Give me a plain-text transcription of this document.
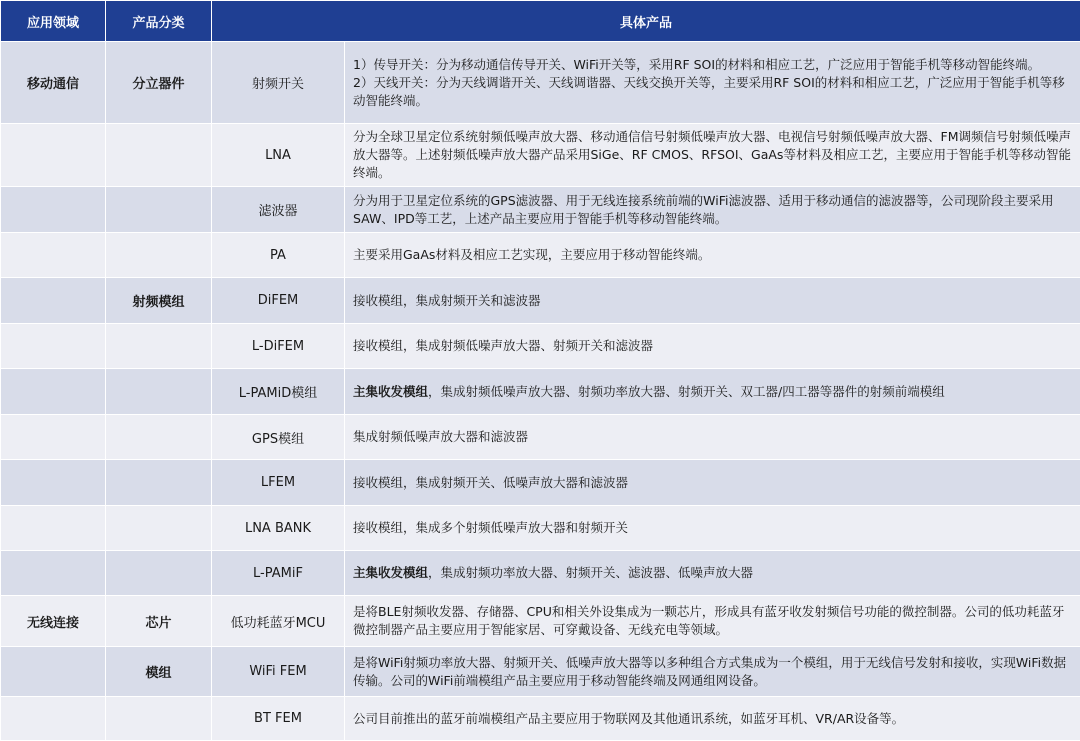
应用领域	产品分类	具体产品	
移动通信	分立器件	射频开关	1）传导开关：分为移动通信传导开关、WiFi开关等，采用RF SOI的材料和相应工艺，广泛应用于智能手机等移动智能终端。
2）天线开关：分为天线调谐开关、天线调谐器、天线交换开关等，主要采用RF SOI的材料和相应工艺，广泛应用于智能手机等移动智能终端。

		LNA	分为全球卫星定位系统射频低噪声放大器、移动通信信号射频低噪声放大器、电视信号射频低噪声放大器、FM调频信号射频低噪声放大器等。上述射频低噪声放大器产品采用SiGe、RF CMOS、RFSOI、GaAs等材料及相应工艺，主要应用于智能手机等移动智能终端。

		滤波器	分为用于卫星定位系统的GPS滤波器、用于无线连接系统前端的WiFi滤波器、适用于移动通信的滤波器等，公司现阶段主要采用SAW、IPD等工艺，上述产品主要应用于智能手机等移动智能终端。

		PA	主要采用GaAs材料及相应工艺实现，主要应用于移动智能终端。

	射频模组	DiFEM	接收模组，集成射频开关和滤波器

		L-DiFEM	接收模组，集成射频低噪声放大器、射频开关和滤波器

		L-PAMiD模组	主集收发模组，集成射频低噪声放大器、射频功率放大器、射频开关、双工器/四工器等器件的射频前端模组

		GPS模组	集成射频低噪声放大器和滤波器

		LFEM	接收模组，集成射频开关、低噪声放大器和滤波器

		LNA BANK	接收模组，集成多个射频低噪声放大器和射频开关

		L-PAMiF	主集收发模组，集成射频功率放大器、射频开关、滤波器、低噪声放大器

无线连接	芯片	低功耗蓝牙MCU	是将BLE射频收发器、存储器、CPU和相关外设集成为一颗芯片，形成具有蓝牙收发射频信号功能的微控制器。公司的低功耗蓝牙微控制器产品主要应用于智能家居、可穿戴设备、无线充电等领域。

	模组	WiFi FEM	是将WiFi射频功率放大器、射频开关、低噪声放大器等以多种组合方式集成为一个模组，用于无线信号发射和接收，实现WiFi数据传输。公司的WiFi前端模组产品主要应用于移动智能终端及网通组网设备。

		BT FEM	公司目前推出的蓝牙前端模组产品主要应用于物联网及其他通讯系统，如蓝牙耳机、VR/AR设备等。
